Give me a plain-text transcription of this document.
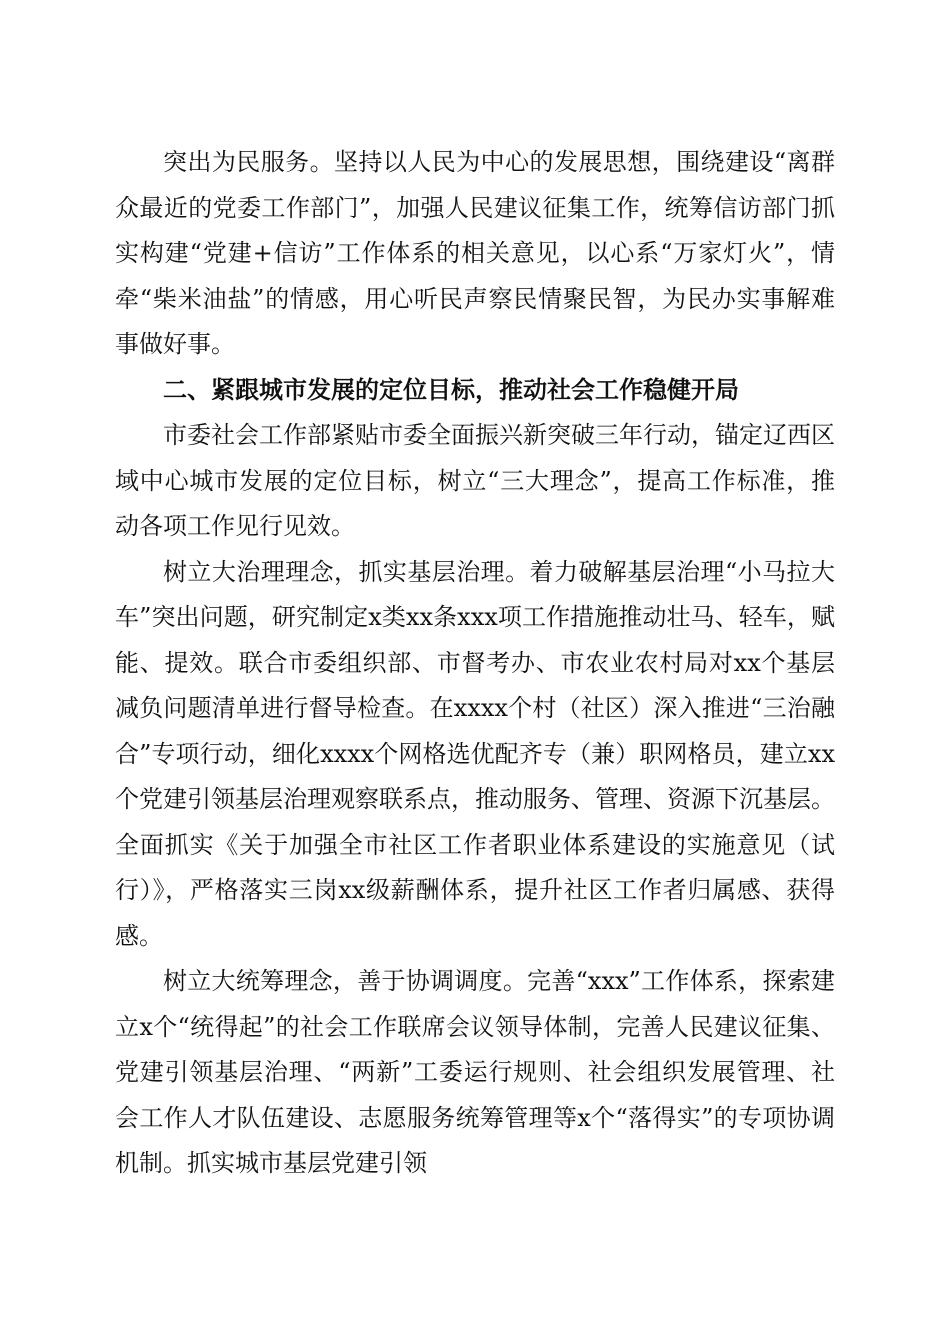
突出为民服务。坚持以人民为中心的发展思想，围绕建设“离群众最近的党委工作部门”，加强人民建议征集工作，统筹信访部门抓实构建“党建+信访”工作体系的相关意见，以心系“万家灯火”，情牵“柴米油盐”的情感，用心听民声察民情聚民智，为民办实事解难事做好事。

二、紧跟城市发展的定位目标，推动社会工作稳健开局

市委社会工作部紧贴市委全面振兴新突破三年行动，锚定辽西区域中心城市发展的定位目标，树立“三大理念”，提高工作标准，推动各项工作见行见效。

树立大治理理念，抓实基层治理。着力破解基层治理“小马拉大车”突出问题，研究制定x类xx条xxx项工作措施推动壮马、轻车，赋能、提效。联合市委组织部、市督考办、市农业农村局对xx个基层减负问题清单进行督导检查。在xxxx个村（社区）深入推进“三治融合”专项行动，细化xxxx个网格选优配齐专（兼）职网格员，建立xx个党建引领基层治理观察联系点，推动服务、管理、资源下沉基层。全面抓实《关于加强全市社区工作者职业体系建设的实施意见（试行）》，严格落实三岗xx级薪酬体系，提升社区工作者归属感、获得感。

树立大统筹理念，善于协调调度。完善“xxx”工作体系，探索建立x个“统得起”的社会工作联席会议领导体制，完善人民建议征集、党建引领基层治理、“两新”工委运行规则、社会组织发展管理、社会工作人才队伍建设、志愿服务统筹管理等x个“落得实”的专项协调机制。抓实城市基层党建引领
